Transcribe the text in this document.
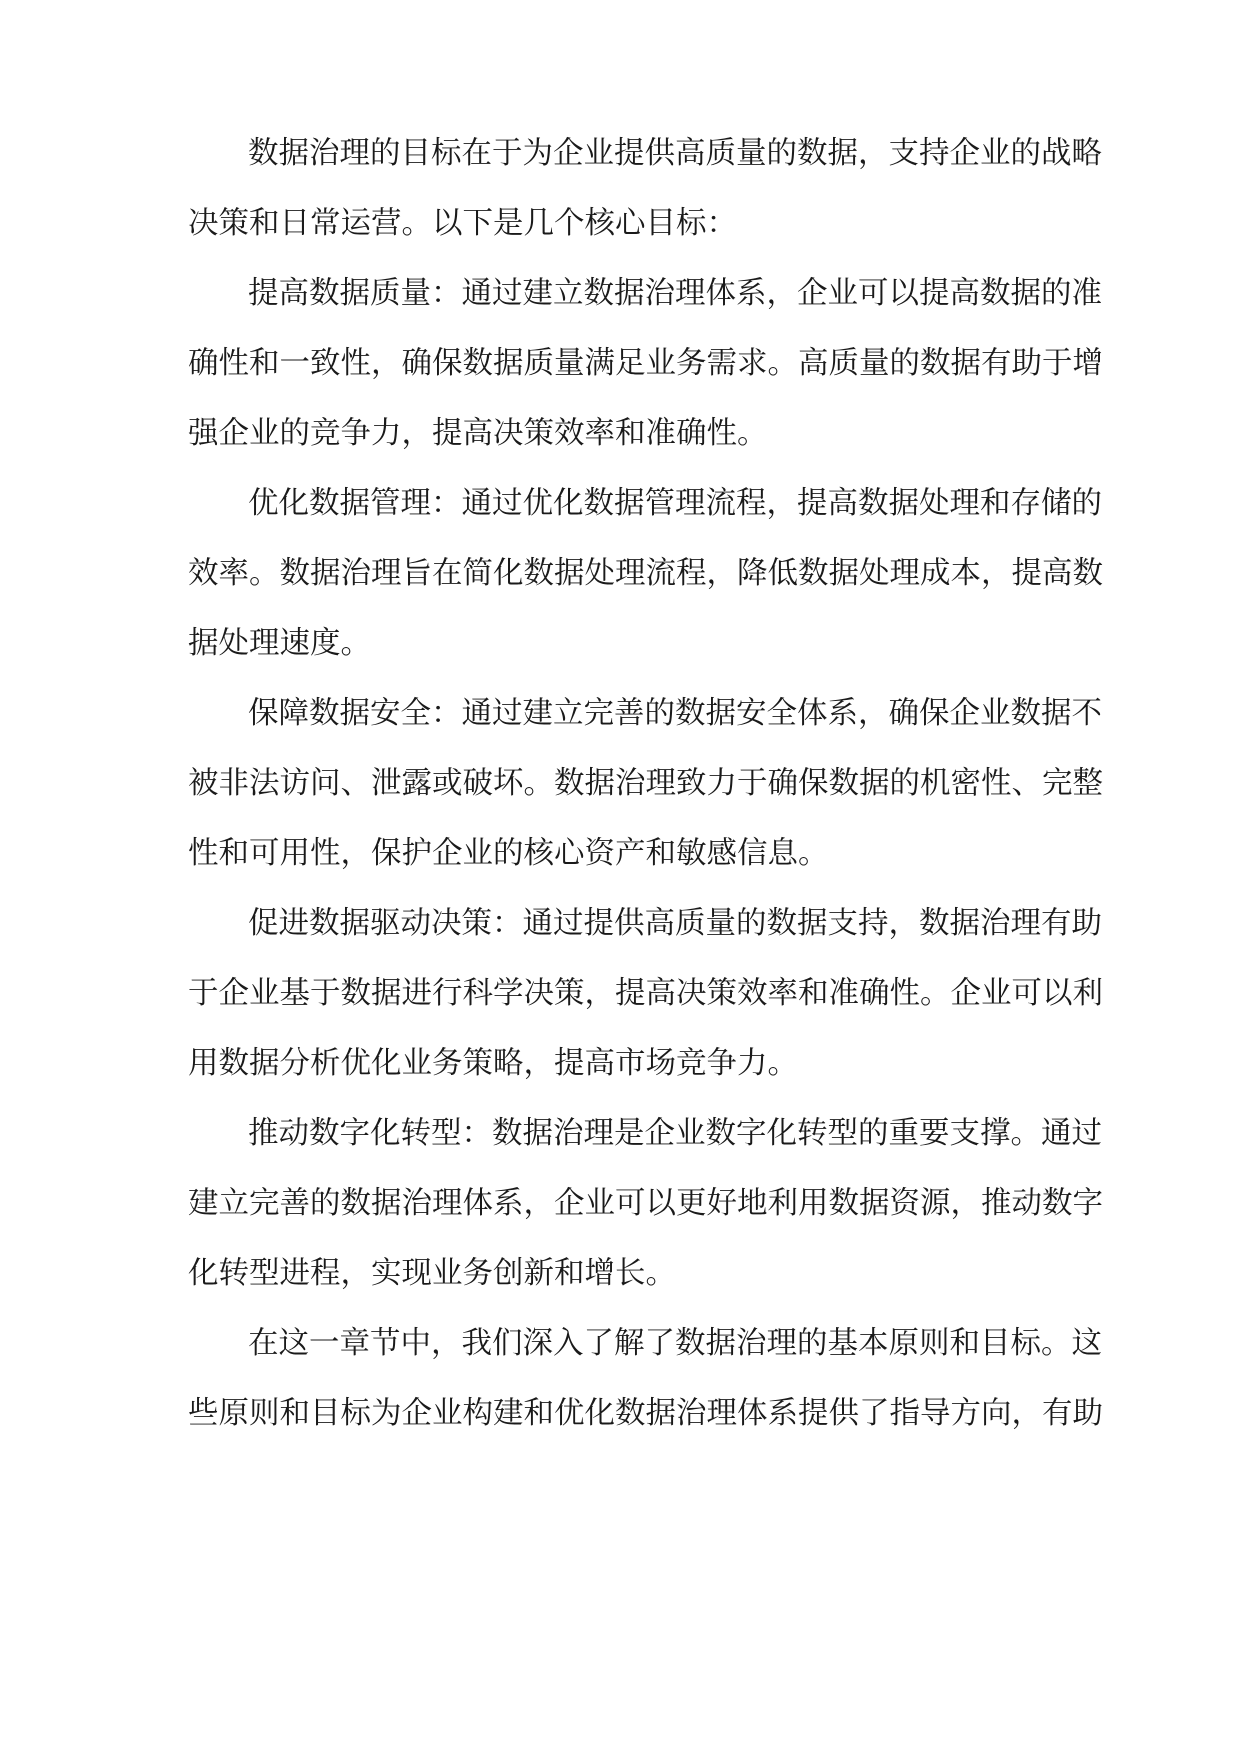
数据治理的目标在于为企业提供高质量的数据，支持企业的战略

决策和日常运营。以下是几个核心目标：

提高数据质量：通过建立数据治理体系，企业可以提高数据的准

确性和一致性，确保数据质量满足业务需求。高质量的数据有助于增

强企业的竞争力，提高决策效率和准确性。

优化数据管理：通过优化数据管理流程，提高数据处理和存储的

效率。数据治理旨在简化数据处理流程，降低数据处理成本，提高数

据处理速度。

保障数据安全：通过建立完善的数据安全体系，确保企业数据不

被非法访问、泄露或破坏。数据治理致力于确保数据的机密性、完整

性和可用性，保护企业的核心资产和敏感信息。

促进数据驱动决策：通过提供高质量的数据支持，数据治理有助

于企业基于数据进行科学决策，提高决策效率和准确性。企业可以利

用数据分析优化业务策略，提高市场竞争力。

推动数字化转型：数据治理是企业数字化转型的重要支撑。通过

建立完善的数据治理体系，企业可以更好地利用数据资源，推动数字

化转型进程，实现业务创新和增长。

在这一章节中，我们深入了解了数据治理的基本原则和目标。这

些原则和目标为企业构建和优化数据治理体系提供了指导方向，有助
